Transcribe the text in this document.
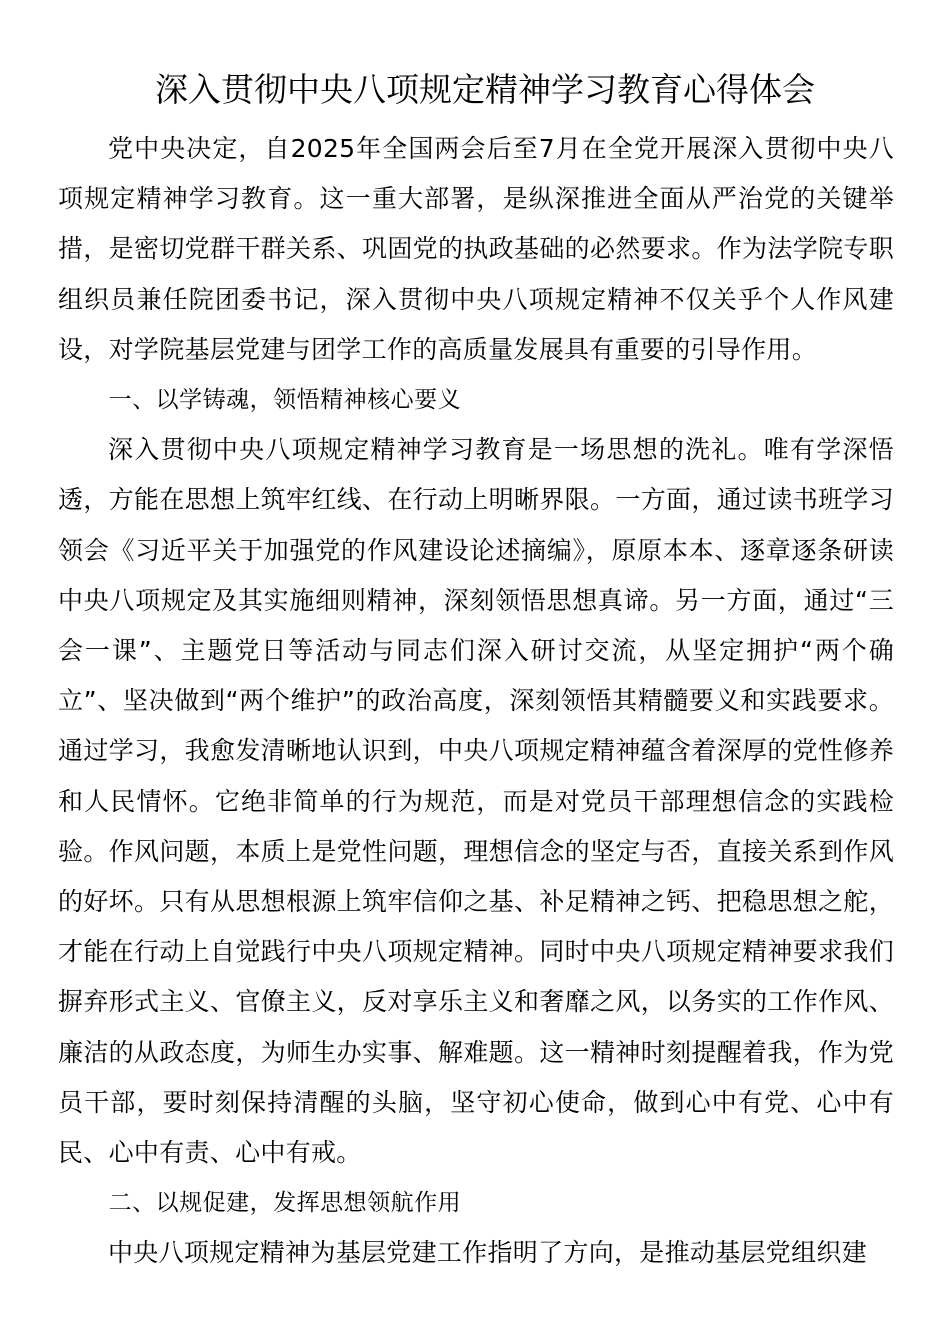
深入贯彻中央八项规定精神学习教育心得体会

党中央决定，自2025年全国两会后至7月在全党开展深入贯彻中央八项规定精神学习教育。这一重大部署，是纵深推进全面从严治党的关键举措，是密切党群干群关系、巩固党的执政基础的必然要求。作为法学院专职组织员兼任院团委书记，深入贯彻中央八项规定精神不仅关乎个人作风建设，对学院基层党建与团学工作的高质量发展具有重要的引导作用。

一、以学铸魂，领悟精神核心要义

深入贯彻中央八项规定精神学习教育是一场思想的洗礼。唯有学深悟透，方能在思想上筑牢红线、在行动上明晰界限。一方面，通过读书班学习领会《习近平关于加强党的作风建设论述摘编》，原原本本、逐章逐条研读中央八项规定及其实施细则精神，深刻领悟思想真谛。另一方面，通过“三会一课”、主题党日等活动与同志们深入研讨交流，从坚定拥护“两个确立”、坚决做到“两个维护”的政治高度，深刻领悟其精髓要义和实践要求。通过学习，我愈发清晰地认识到，中央八项规定精神蕴含着深厚的党性修养和人民情怀。它绝非简单的行为规范，而是对党员干部理想信念的实践检验。作风问题，本质上是党性问题，理想信念的坚定与否，直接关系到作风的好坏。只有从思想根源上筑牢信仰之基、补足精神之钙、把稳思想之舵，才能在行动上自觉践行中央八项规定精神。同时中央八项规定精神要求我们摒弃形式主义、官僚主义，反对享乐主义和奢靡之风，以务实的工作作风、廉洁的从政态度，为师生办实事、解难题。这一精神时刻提醒着我，作为党员干部，要时刻保持清醒的头脑，坚守初心使命，做到心中有党、心中有民、心中有责、心中有戒。

二、以规促建，发挥思想领航作用

中央八项规定精神为基层党建工作指明了方向，是推动基层党组织建
